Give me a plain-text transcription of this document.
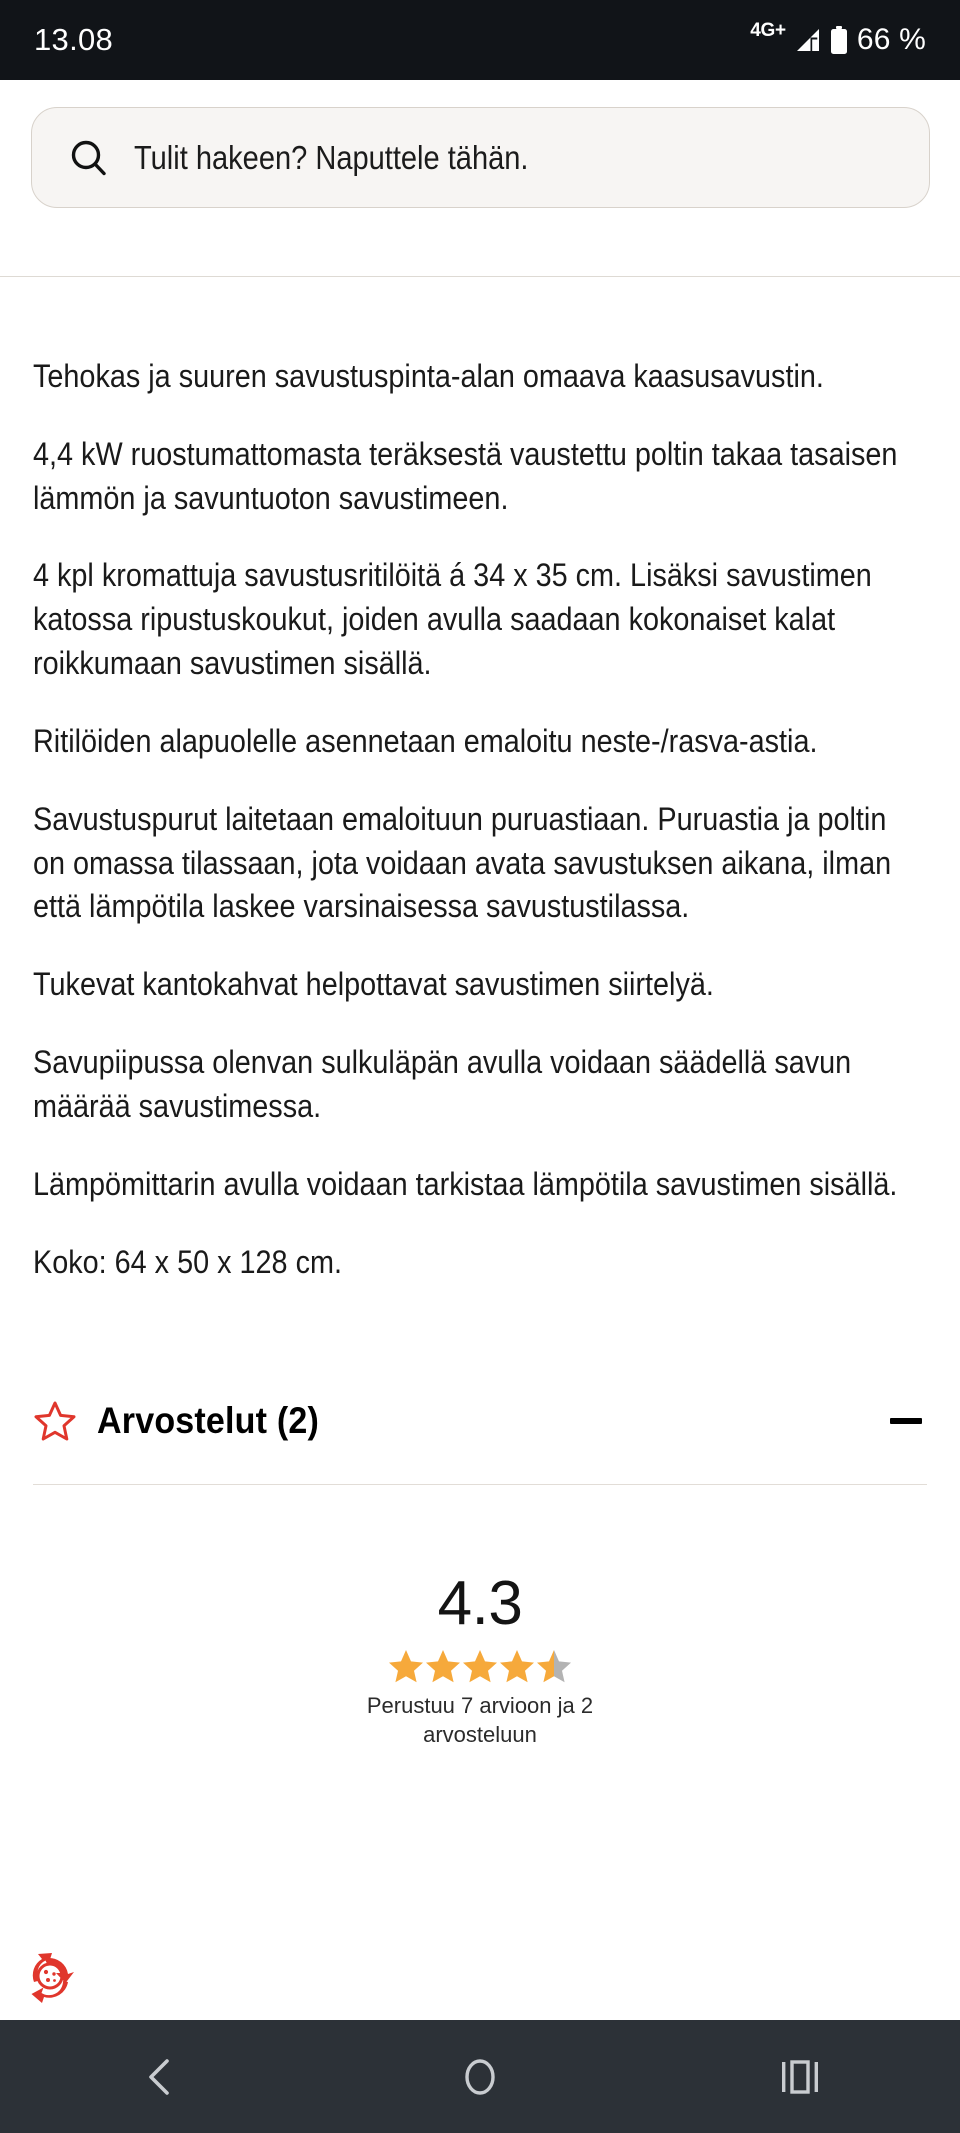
13.08	4G+ 66 %
Tulit hakeen? Naputtele tähän.

Tehokas ja suuren savustuspinta-alan omaava kaasusavustin.

4,4 kW ruostumattomasta teräksestä vaustettu poltin takaa tasaisen lämmön ja savuntuoton savustimeen.

4 kpl kromattuja savustusritilöitä á 34 x 35 cm. Lisäksi savustimen katossa ripustuskoukut, joiden avulla saadaan kokonaiset kalat roikkumaan savustimen sisällä.

Ritilöiden alapuolelle asennetaan emaloitu neste-/rasva-astia.

Savustuspurut laitetaan emaloituun puruastiaan. Puruastia ja poltin on omassa tilassaan, jota voidaan avata savustuksen aikana, ilman että lämpötila laskee varsinaisessa savustustilassa.

Tukevat kantokahvat helpottavat savustimen siirtelyä.

Savupiipussa olenvan sulkuläpän avulla voidaan säädellä savun määrää savustimessa.

Lämpömittarin avulla voidaan tarkistaa lämpötila savustimen sisällä.

Koko: 64 x 50 x 128 cm.

Arvostelut (2)
4.3
Perustuu 7 arvioon ja 2 arvosteluun
